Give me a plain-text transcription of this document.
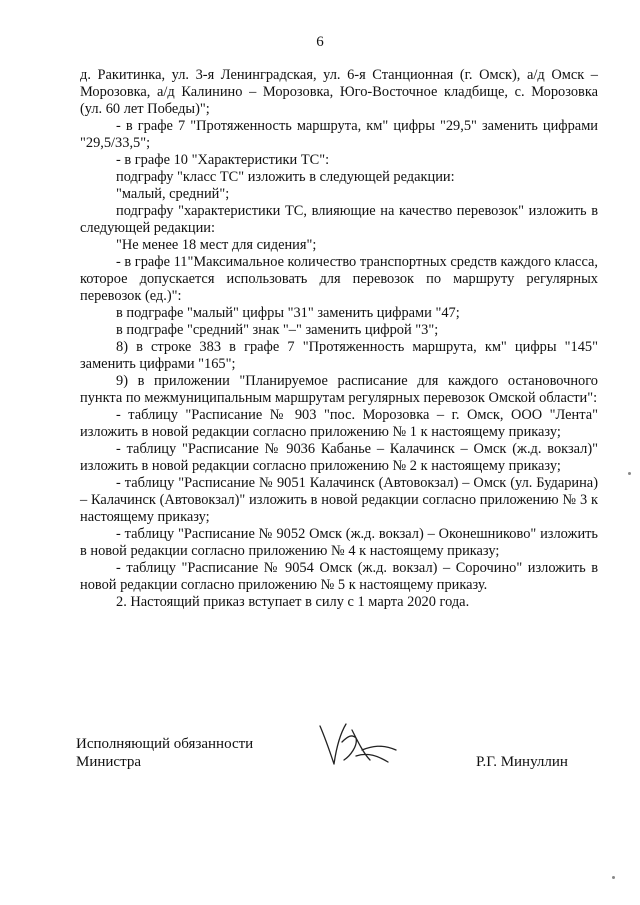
6

д. Ракитинка, ул. 3-я Ленинградская, ул. 6-я Станционная (г. Омск), а/д Омск – Морозовка, а/д Калинино – Морозовка, Юго-Восточное кладбище, с. Морозовка (ул. 60 лет Победы)";

- в графе 7 "Протяженность маршрута, км" цифры "29,5" заменить цифрами "29,5/33,5";

- в графе 10 "Характеристики ТС":

подграфу "класс ТС" изложить в следующей редакции:

"малый, средний";

подграфу "характеристики ТС, влияющие на качество перевозок" изложить в следующей редакции:

"Не менее 18 мест для сидения";

- в графе 11"Максимальное количество транспортных средств каждого класса, которое допускается использовать для перевозок по маршруту регулярных перевозок (ед.)":

в подграфе "малый" цифры "31" заменить цифрами "47;

в подграфе "средний" знак "–" заменить цифрой "3";

8) в строке 383 в графе 7 "Протяженность маршрута, км" цифры "145" заменить цифрами "165";

9) в приложении "Планируемое расписание для каждого остановочного пункта по межмуниципальным маршрутам регулярных перевозок Омской области":

- таблицу "Расписание № 903 "пос. Морозовка – г. Омск, ООО "Лента" изложить в новой редакции согласно приложению № 1 к настоящему приказу;

- таблицу "Расписание № 9036 Кабанье – Калачинск – Омск (ж.д. вокзал)" изложить в новой редакции согласно приложению № 2 к настоящему приказу;

- таблицу "Расписание № 9051 Калачинск (Автовокзал) – Омск (ул. Бударина) – Калачинск (Автовокзал)" изложить в новой редакции согласно приложению № 3 к настоящему приказу;

- таблицу "Расписание № 9052 Омск (ж.д. вокзал) – Оконешниково" изложить в новой редакции согласно приложению № 4 к настоящему приказу;

- таблицу "Расписание № 9054 Омск (ж.д. вокзал) – Сорочино" изложить в новой редакции согласно приложению № 5 к настоящему приказу.

2. Настоящий приказ вступает в силу с 1 марта 2020 года.

Исполняющий обязанности
Министра	Р.Г. Минуллин
